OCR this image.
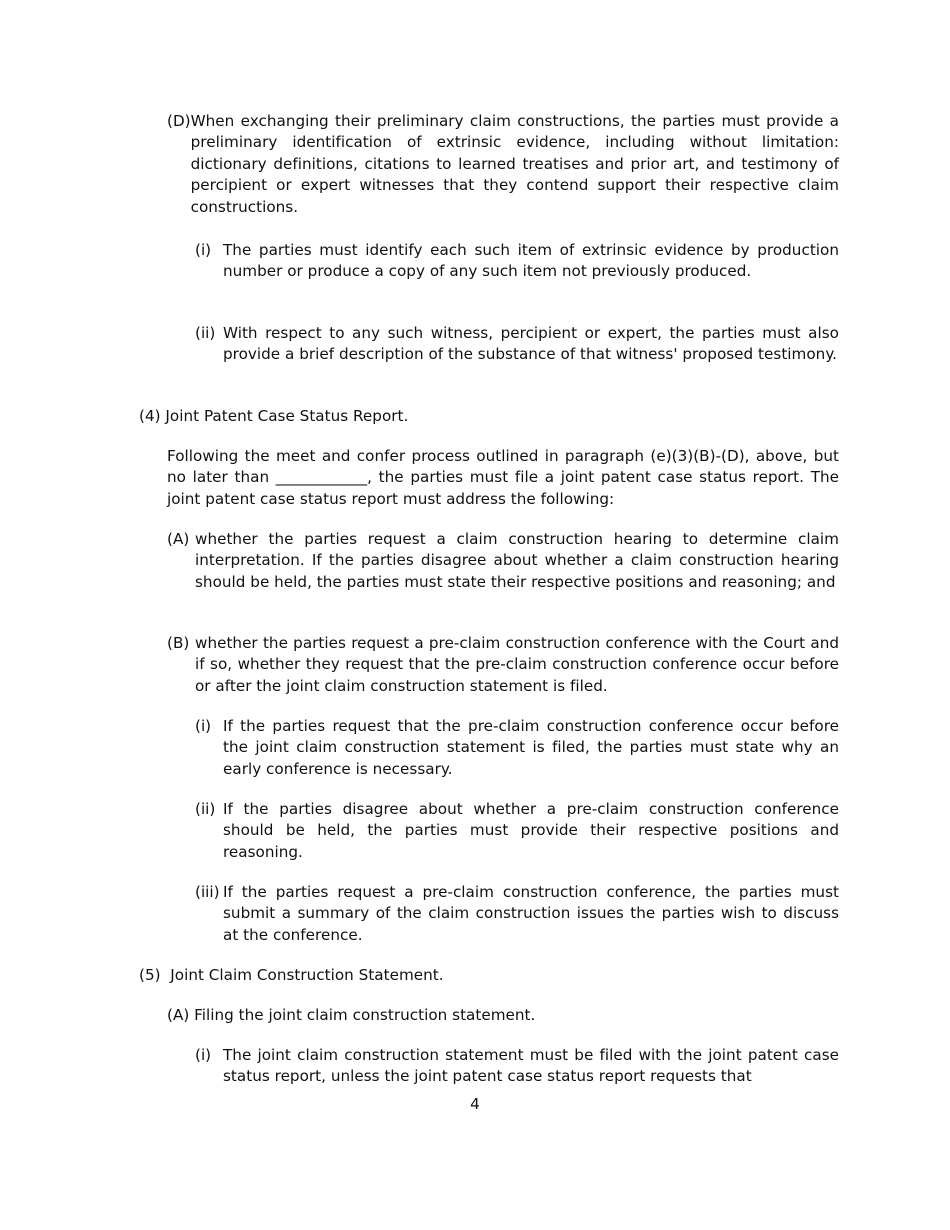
(D) When exchanging their preliminary claim constructions, the parties must provide a preliminary identification of extrinsic evidence, including without limitation: dictionary definitions, citations to learned treatises and prior art, and testimony of percipient or expert witnesses that they contend support their respective claim constructions.
(i) The parties must identify each such item of extrinsic evidence by production number or produce a copy of any such item not previously produced.
(ii) With respect to any such witness, percipient or expert, the parties must also provide a brief description of the substance of that witness' proposed testimony.
(4) Joint Patent Case Status Report.
Following the meet and confer process outlined in paragraph (e)(3)(B)-(D), above, but no later than ____________, the parties must file a joint patent case status report. The joint patent case status report must address the following:
(A) whether the parties request a claim construction hearing to determine claim interpretation. If the parties disagree about whether a claim construction hearing should be held, the parties must state their respective positions and reasoning; and
(B) whether the parties request a pre-claim construction conference with the Court and if so, whether they request that the pre-claim construction conference occur before or after the joint claim construction statement is filed.
(i) If the parties request that the pre-claim construction conference occur before the joint claim construction statement is filed, the parties must state why an early conference is necessary.
(ii) If the parties disagree about whether a pre-claim construction conference should be held, the parties must provide their respective positions and reasoning.
(iii)
If the parties request a pre-claim construction conference, the parties must submit a summary of the claim construction issues the parties wish to discuss at the conference.
(5)  Joint Claim Construction Statement.
(A) Filing the joint claim construction statement.
(i) The joint claim construction statement must be filed with the joint patent case status report, unless the joint patent case status report requests that
4
